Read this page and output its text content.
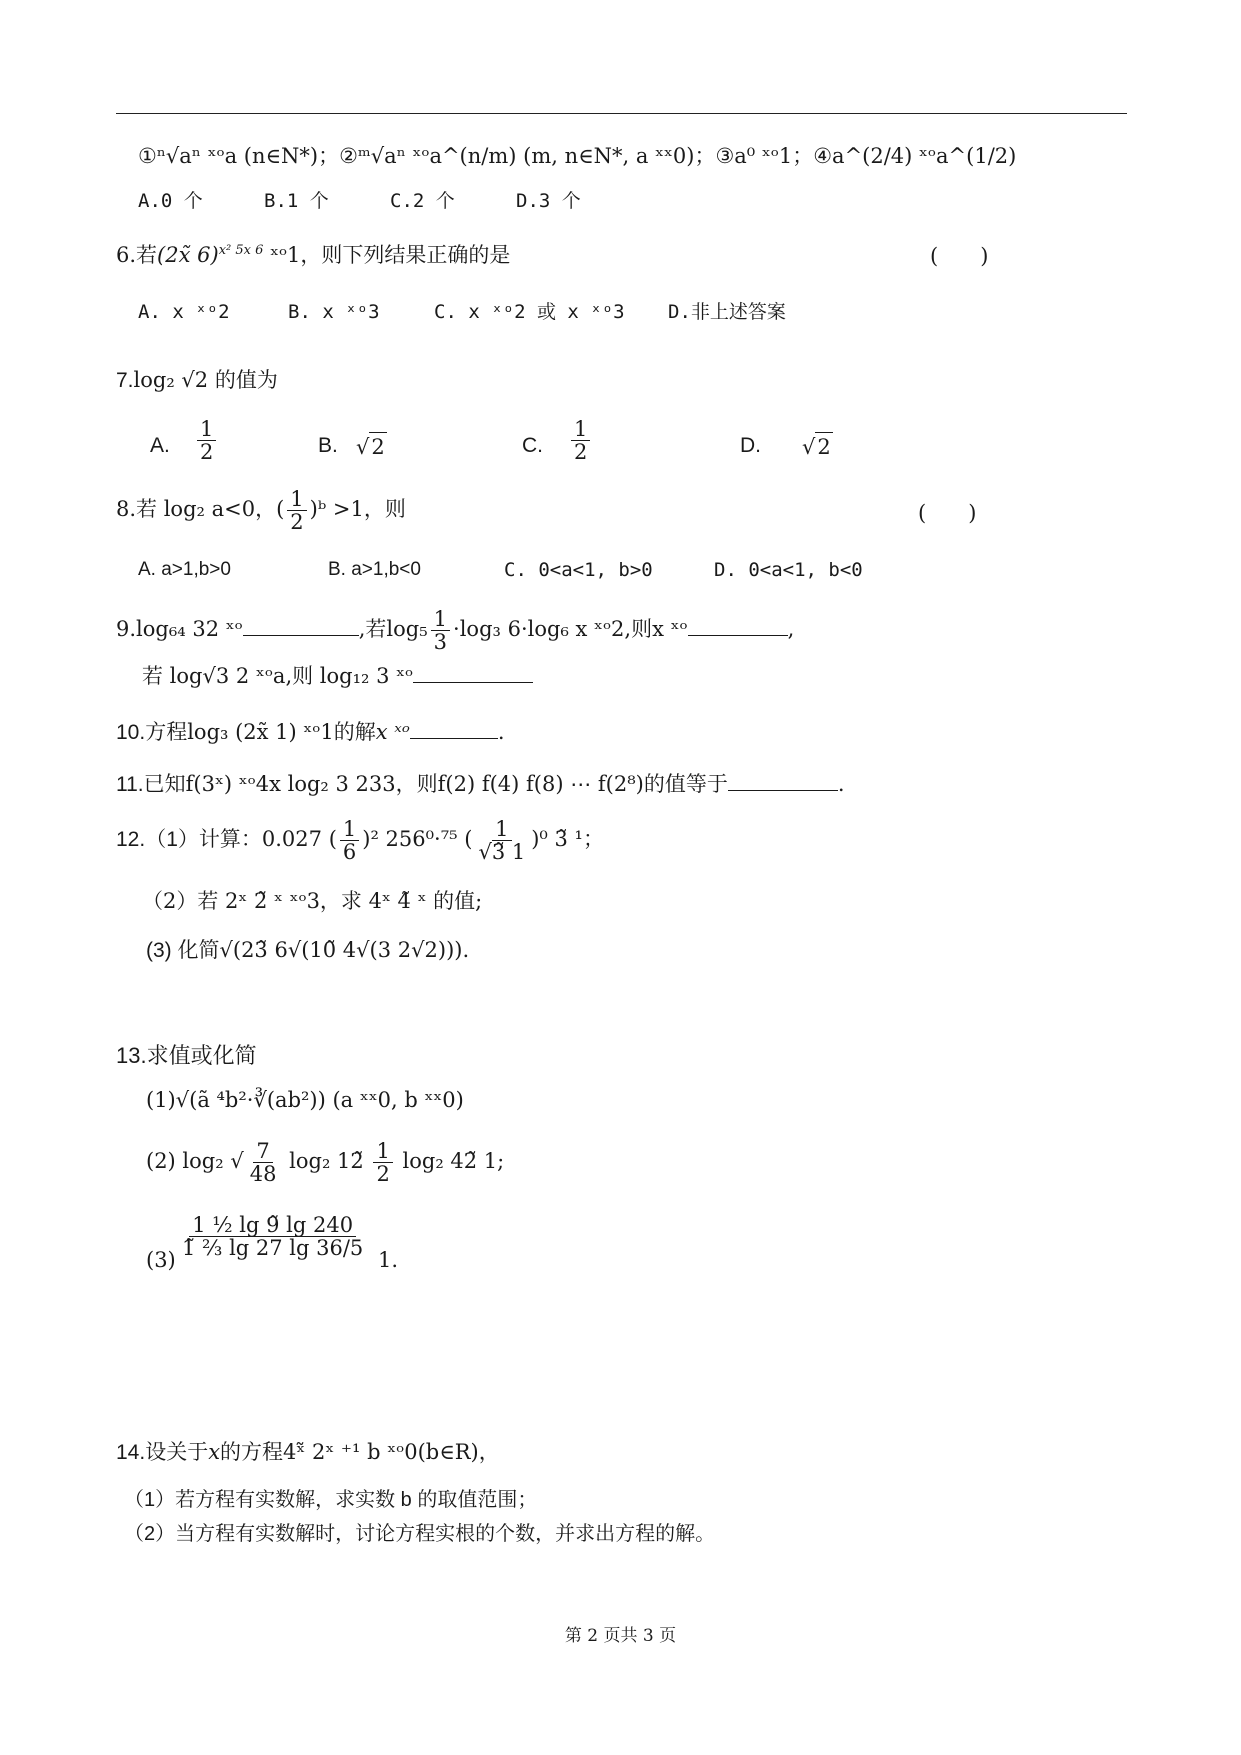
①ⁿ√aⁿ ˣᵒa (n∈N*)；②ᵐ√aⁿ ˣᵒa^(n/m) (m, n∈N*, a ˣˣ0)；③a⁰ ˣᵒ1；④a^(2/4) ˣᵒa^(1/2)
A.0 个	B.1 个	C.2 个	D.3 个
6.若(2x̃ 6)$^{x^2 5x 6}$ ˣᵒ1，则下列结果正确的是	(　　)
A. x ˣᵒ2	B. x ˣᵒ3	C. x ˣᵒ2 或 x ˣᵒ3 D.非上述答案
7.log₂ √2 的值为
A. $\frac{1}{2}$	B. √2	C. $\frac{1}{2}$	D. √2
8.若 log₂ a<0，( $\frac{1}{2}$ )ᵇ >1，则	(　　)
A. a>1,b>0	B. a>1,b<0	C. 0<a<1, b>0	D. 0<a<1, b<0
9.log₆₄ 32 ˣᵒ	,若$\log_5 \frac{1}{3} \cdot\log_3$ 6·log₆ x ˣᵒ2,则x ˣᵒ	,
若 log√3 2 ˣᵒa,则 log₁₂ 3 ˣᵒ
10.方程log₃ (2x̃ 1) ˣᵒ1的解x ˣᵒ	.
11.已知f(3ˣ) ˣᵒ4x log₂ 3 233，则f(2) f(4) f(8) ⋯ f(2⁸)的值等于	.
12.（1）计算：0.027 ( $\frac{1}{6} )^2$ 256⁰·⁷⁵ ( $\frac{1}{√3̃ 1} )^0$ 3̃ ¹；
（2）若 2ˣ 2̃ ˣ ˣᵒ3，求 4ˣ 4̃ ˣ 的值;
(3) 化简√(23̃ 6√(10̃ 4√(3 2√2))).
13.求值或化简
(1)√(ã ⁴b²·∛(ab²)) (a ˣˣ0, b ˣˣ0)
(2) log₂ √ $\frac{7}{48} \log_2$ 12̃ $\frac{1}{2} \log_2$ 42̃ 1;
(3)
$\frac{\text{1 ½ lg 9̃ lg 240}}{\text{1̃ ⅔ lg 27 lg 36/5}}$
1.
14.设关于x的方程4ˣ̃ 2ˣ ⁺¹ b ˣᵒ0(b∈R)，
（1）若方程有实数解，求实数 b 的取值范围；
（2）当方程有实数解时，讨论方程实根的个数，并求出方程的解。
第 2 页共 3 页
